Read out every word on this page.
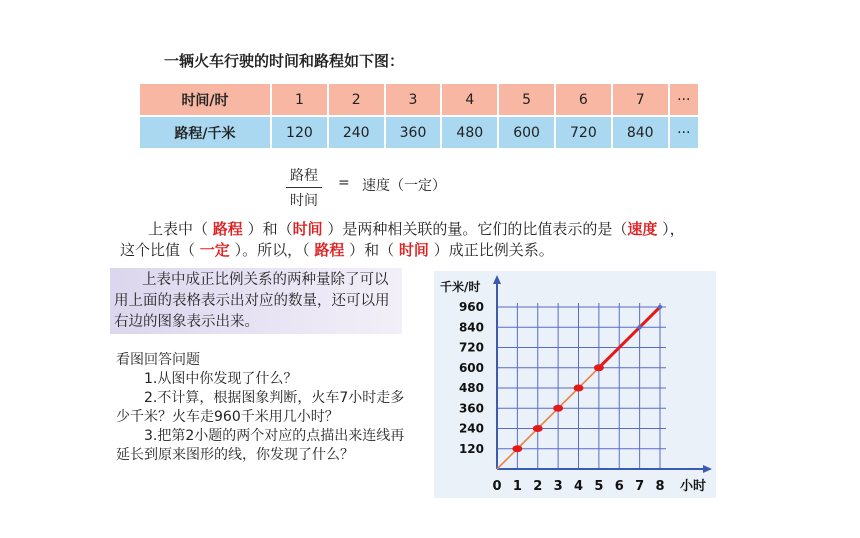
一辆火车行驶的时间和路程如下图：
时间/时	1	2	3	4	5	6	7	···
路程/千米	120	240	360	480	600	720	840	···
路程
时间
= 速度（一定）
上表中（ 路程 ）和（时间 ）是两种相关联的量。它们的比值表示的是（速度 ），
这个比值（ 一定 ）。所以，（ 路程 ）和（ 时间 ）成正比例关系。
上表中成正比例关系的两种量除了可以用上面的表格表示出对应的数量，还可以用右边的图象表示出来。
看图回答问题
1.从图中你发现了什么？
2.不计算，根据图象判断，火车7小时走多少千米？火车走960千米用几小时？
3.把第2小题的两个对应的点描出来连线再延长到原来图形的线，你发现了什么？
0 1 2 3 4 5 6 7 8
120
240
360
480
600
720
840
960
千米/时
小时
